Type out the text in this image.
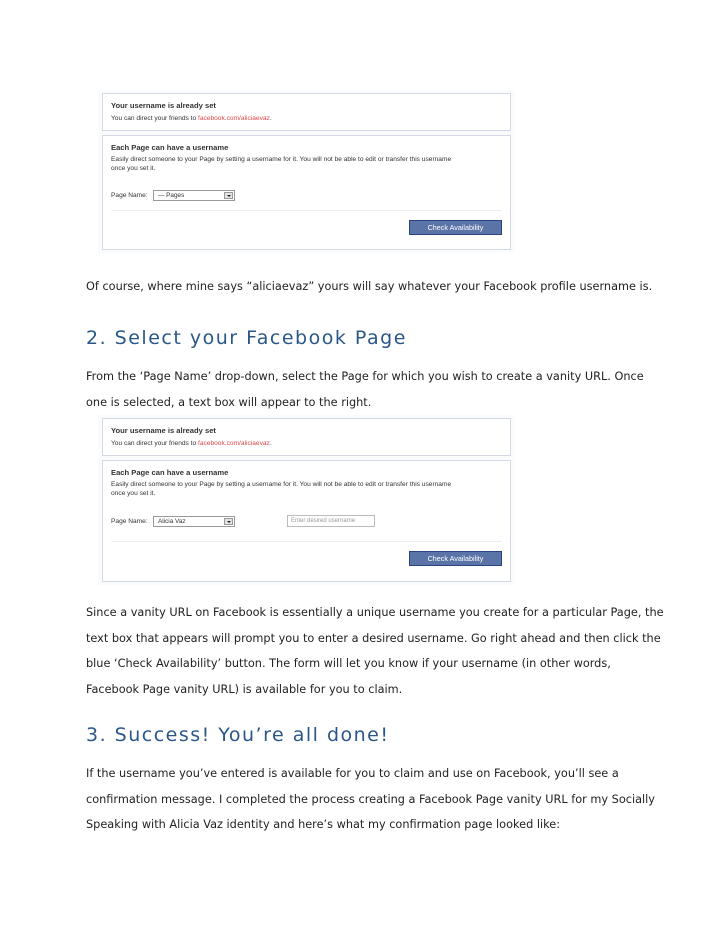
Your username is already set
You can direct your friends to facebook.com/aliciaevaz.
Each Page can have a username
Easily direct someone to your Page by setting a username for it. You will not be able to edit or transfer this username
once you set it.
Page Name:	— Pages
Check Availability

Of course, where mine says “aliciaevaz” yours will say whatever your Facebook profile username is.

2. Select your Facebook Page

From the ‘Page Name’ drop-down, select the Page for which you wish to create a vanity URL. Once one is selected, a text box will appear to the right.

Your username is already set
You can direct your friends to facebook.com/aliciaevaz.
Each Page can have a username
Easily direct someone to your Page by setting a username for it. You will not be able to edit or transfer this username
once you set it.
Page Name:	Alicia Vaz	Enter desired username
Check Availability

Since a vanity URL on Facebook is essentially a unique username you create for a particular Page, the text box that appears will prompt you to enter a desired username. Go right ahead and then click the blue ‘Check Availability’ button. The form will let you know if your username (in other words, Facebook Page vanity URL) is available for you to claim.

3. Success! You’re all done!

If the username you’ve entered is available for you to claim and use on Facebook, you’ll see a confirmation message. I completed the process creating a Facebook Page vanity URL for my Socially Speaking with Alicia Vaz identity and here’s what my confirmation page looked like:
